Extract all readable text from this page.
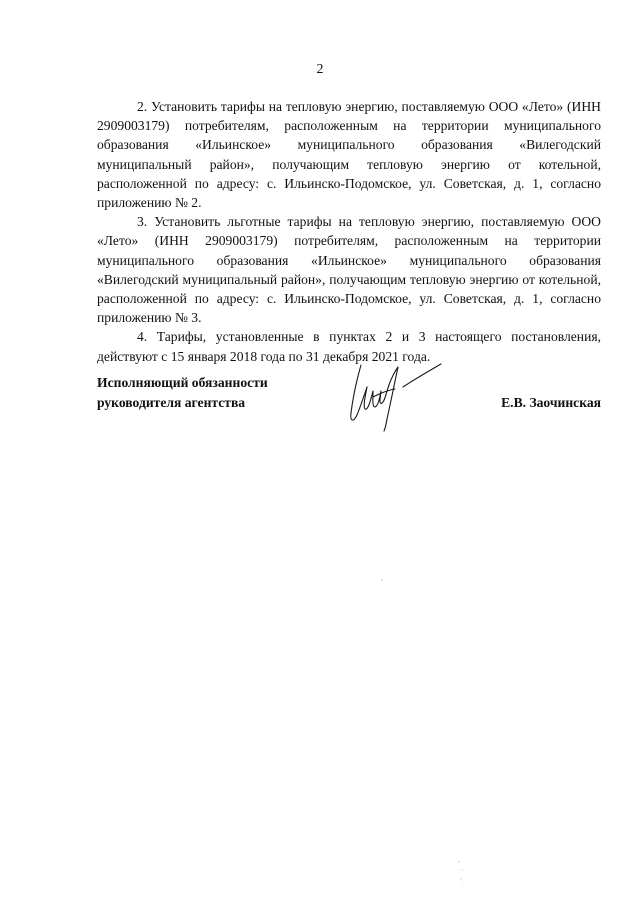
2

2. Установить тарифы на тепловую энергию, поставляемую ООО «Лето» (ИНН 2909003179) потребителям, расположенным на территории муниципального образования «Ильинское» муниципального образования «Вилегодский муниципальный район», получающим тепловую энергию от котельной, расположенной по адресу: с. Ильинско-Подомское, ул. Советская, д. 1, согласно приложению № 2.

3. Установить льготные тарифы на тепловую энергию, поставляемую ООО «Лето» (ИНН 2909003179) потребителям, расположенным на территории муниципального образования «Ильинское» муниципального образования «Вилегодский муниципальный район», получающим тепловую энергию от котельной, расположенной по адресу: с. Ильинско-Подомское, ул. Советская, д. 1, согласно приложению № 3.

4. Тарифы, установленные в пунктах 2 и 3 настоящего постановления, действуют с 15 января 2018 года по 31 декабря 2021 года.

Исполняющий обязанности
руководителя агентства	Е.В. Заочинская
